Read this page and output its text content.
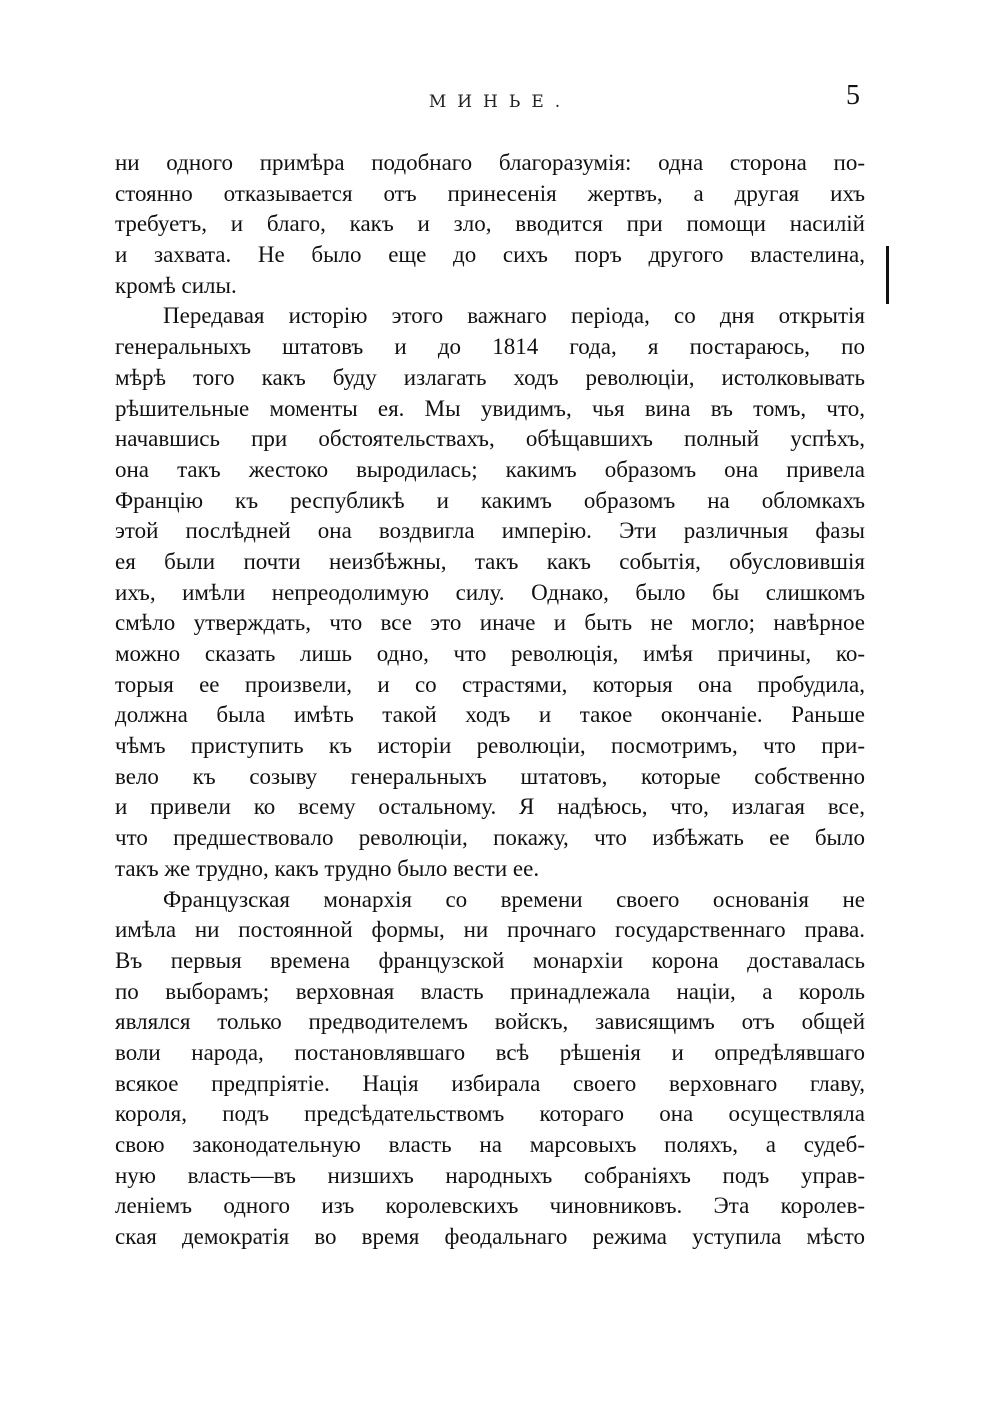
МИНЬЕ.	5
ни одного примѣра подобнаго благоразумія: одна сторона по-
стоянно отказывается отъ принесенія жертвъ, а другая ихъ
требуетъ, и благо, какъ и зло, вводится при помощи насилій
и захвата. Не было еще до сихъ поръ другого властелина,
кромѣ силы.
Передавая исторію этого важнаго періода, со дня открытія
генеральныхъ штатовъ и до 1814 года, я постараюсь, по
мѣрѣ того какъ буду излагать ходъ революціи, истолковывать
рѣшительные моменты ея. Мы увидимъ, чья вина въ томъ, что,
начавшись при обстоятельствахъ, обѣщавшихъ полный успѣхъ,
она такъ жестоко выродилась; какимъ образомъ она привела
Францію къ республикѣ и какимъ образомъ на обломкахъ
этой послѣдней она воздвигла имперію. Эти различныя фазы
ея были почти неизбѣжны, такъ какъ событія, обусловившія
ихъ, имѣли непреодолимую силу. Однако, было бы слишкомъ
смѣло утверждать, что все это иначе и быть не могло; навѣрное
можно сказать лишь одно, что революція, имѣя причины, ко-
торыя ее произвели, и со страстями, которыя она пробудила,
должна была имѣть такой ходъ и такое окончаніе. Раньше
чѣмъ приступить къ исторіи революціи, посмотримъ, что при-
вело къ созыву генеральныхъ штатовъ, которые собственно
и привели ко всему остальному. Я надѣюсь, что, излагая все,
что предшествовало революціи, покажу, что избѣжать ее было
такъ же трудно, какъ трудно было вести ее.
Французская монархія со времени своего основанія не
имѣла ни постоянной формы, ни прочнаго государственнаго права.
Въ первыя времена французской монархіи корона доставалась
по выборамъ; верховная власть принадлежала націи, а король
являлся только предводителемъ войскъ, зависящимъ отъ общей
воли народа, постановлявшаго всѣ рѣшенія и опредѣлявшаго
всякое предпріятіе. Нація избирала своего верховнаго главу,
короля, подъ предсѣдательствомъ котораго она осуществляла
свою законодательную власть на марсовыхъ поляхъ, а судеб-
ную власть—въ низшихъ народныхъ собраніяхъ подъ управ-
леніемъ одного изъ королевскихъ чиновниковъ. Эта королев-
ская демократія во время феодальнаго режима уступила мѣсто
